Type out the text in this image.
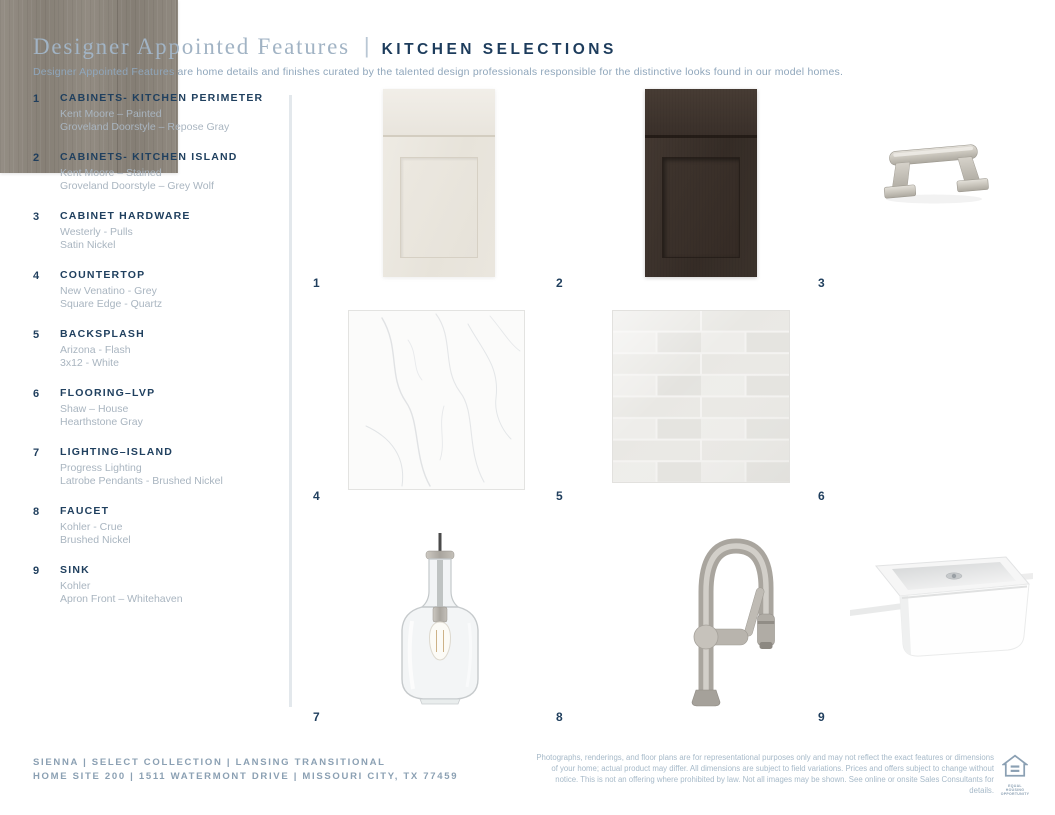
Designer Appointed Features | KITCHEN SELECTIONS
Designer Appointed Features are home details and finishes curated by the talented design professionals responsible for the distinctive looks found in our model homes.
1	CABINETS- KITCHEN PERIMETER
Kent Moore – Painted
Groveland Doorstyle – Repose Gray
2	CABINETS- KITCHEN ISLAND
Kent Moore – Stained
Groveland Doorstyle – Grey Wolf
3	CABINET HARDWARE
Westerly - Pulls
Satin Nickel
4	COUNTERTOP
New Venatino - Grey
Square Edge - Quartz
5	BACKSPLASH
Arizona - Flash
3x12 - White
6	FLOORING–LVP
Shaw – House
Hearthstone Gray
7	LIGHTING–ISLAND
Progress Lighting
Latrobe Pendants - Brushed Nickel
8	FAUCET
Kohler - Crue
Brushed Nickel
9	SINK
Kohler
Apron Front – Whitehaven
1	2	3
4	5	6
7	8	9
SIENNA | SELECT COLLECTION | LANSING TRANSITIONAL
HOME SITE 200 | 1511 WATERMONT DRIVE | MISSOURI CITY, TX 77459
Photographs, renderings, and floor plans are for representational purposes only and may not reflect the exact features or dimensions of your home; actual product may differ. All dimensions are subject to field variations. Prices and offers subject to change without notice. This is not an offering where prohibited by law. Not all images may be shown. See online or onsite Sales Consultants for details.	EQUAL HOUSING OPPORTUNITY
